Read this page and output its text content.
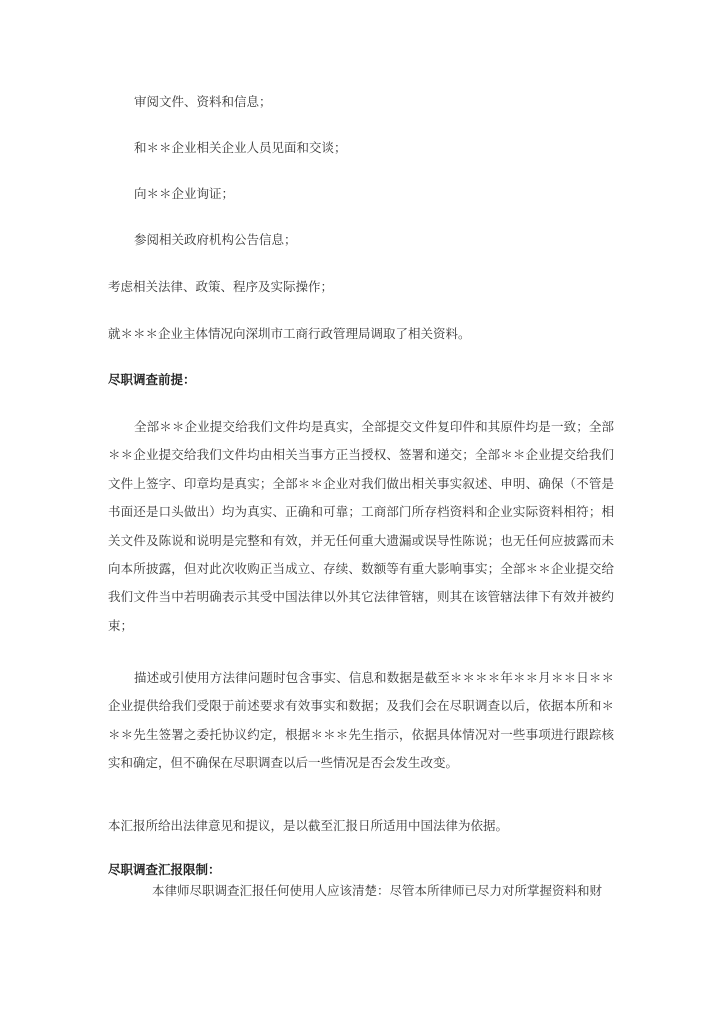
审阅文件、资料和信息；
和＊＊企业相关企业人员见面和交谈；
向＊＊企业询证；
参阅相关政府机构公告信息；
考虑相关法律、政策、程序及实际操作；
就＊＊＊企业主体情况向深圳市工商行政管理局调取了相关资料。
尽职调查前提：
全部＊＊企业提交给我们文件均是真实，全部提交文件复印件和其原件均是一致；全部＊＊企业提交给我们文件均由相关当事方正当授权、签署和递交；全部＊＊企业提交给我们文件上签字、印章均是真实；全部＊＊企业对我们做出相关事实叙述、申明、确保（不管是书面还是口头做出）均为真实、正确和可靠；工商部门所存档资料和企业实际资料相符；相关文件及陈说和说明是完整和有效，并无任何重大遗漏或误导性陈说；也无任何应披露而未向本所披露，但对此次收购正当成立、存续、数额等有重大影响事实；全部＊＊企业提交给我们文件当中若明确表示其受中国法律以外其它法律管辖，则其在该管辖法律下有效并被约束；
描述或引使用方法律问题时包含事实、信息和数据是截至＊＊＊＊年＊＊月＊＊日＊＊企业提供给我们受限于前述要求有效事实和数据；及我们会在尽职调查以后，依据本所和＊＊＊先生签署之委托协议约定，根据＊＊＊先生指示，依据具体情况对一些事项进行跟踪核实和确定，但不确保在尽职调查以后一些情况是否会发生改变。
本汇报所给出法律意见和提议，是以截至汇报日所适用中国法律为依据。
尽职调查汇报限制：
本律师尽职调查汇报任何使用人应该清楚：尽管本所律师已尽力对所掌握资料和财
